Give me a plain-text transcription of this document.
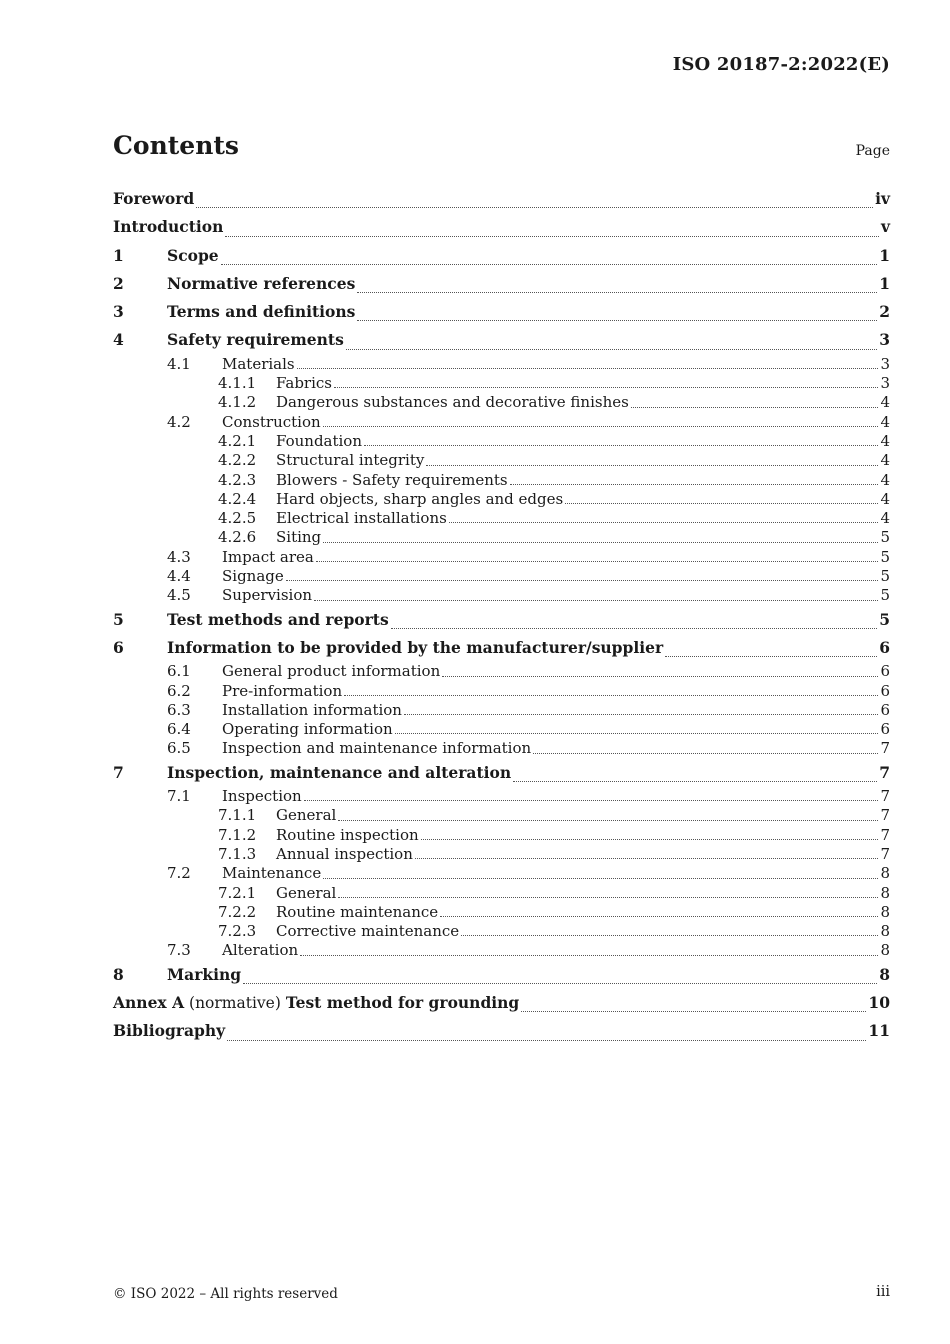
ISO 20187-2:2022(E)
Contents	Page
Foreword	iv
Introduction	v
1	Scope	1
2	Normative references	1
3	Terms and definitions	2
4	Safety requirements	3
4.1	Materials	3
4.1.1	Fabrics	3
4.1.2	Dangerous substances and decorative finishes	4
4.2	Construction	4
4.2.1	Foundation	4
4.2.2	Structural integrity	4
4.2.3	Blowers - Safety requirements	4
4.2.4	Hard objects, sharp angles and edges	4
4.2.5	Electrical installations	4
4.2.6	Siting	5
4.3	Impact area	5
4.4	Signage	5
4.5	Supervision	5
5	Test methods and reports	5
6	Information to be provided by the manufacturer/supplier	6
6.1	General product information	6
6.2	Pre-information	6
6.3	Installation information	6
6.4	Operating information	6
6.5	Inspection and maintenance information	7
7	Inspection, maintenance and alteration	7
7.1	Inspection	7
7.1.1	General	7
7.1.2	Routine inspection	7
7.1.3	Annual inspection	7
7.2	Maintenance	8
7.2.1	General	8
7.2.2	Routine maintenance	8
7.2.3	Corrective maintenance	8
7.3	Alteration	8
8	Marking	8
Annex A (normative) Test method for grounding	10
Bibliography	11
© ISO 2022 – All rights reserved	iii
